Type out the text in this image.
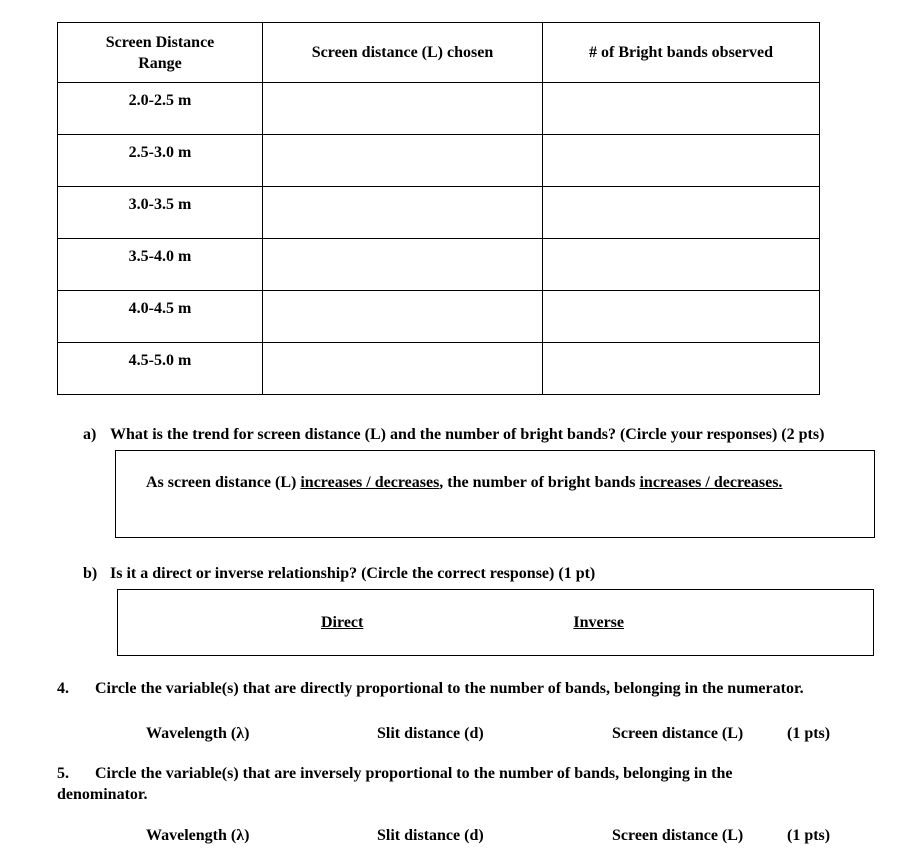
Screen Distance Range	Screen distance (L) chosen	# of Bright bands observed
2.0-2.5 m		
2.5-3.0 m		
3.0-3.5 m		
3.5-4.0 m		
4.0-4.5 m		
4.5-5.0 m		
a) What is the trend for screen distance (L) and the number of bright bands? (Circle your responses) (2 pts)
As screen distance (L) increases / decreases, the number of bright bands increases / decreases.
b) Is it a direct or inverse relationship? (Circle the correct response) (1 pt)
Direct	Inverse
4. Circle the variable(s) that are directly proportional to the number of bands, belonging in the numerator.
Wavelength (λ)	Slit distance (d)	Screen distance (L)	(1 pts)
5. Circle the variable(s) that are inversely proportional to the number of bands, belonging in the
denominator.
Wavelength (λ)	Slit distance (d)	Screen distance (L)	(1 pts)
